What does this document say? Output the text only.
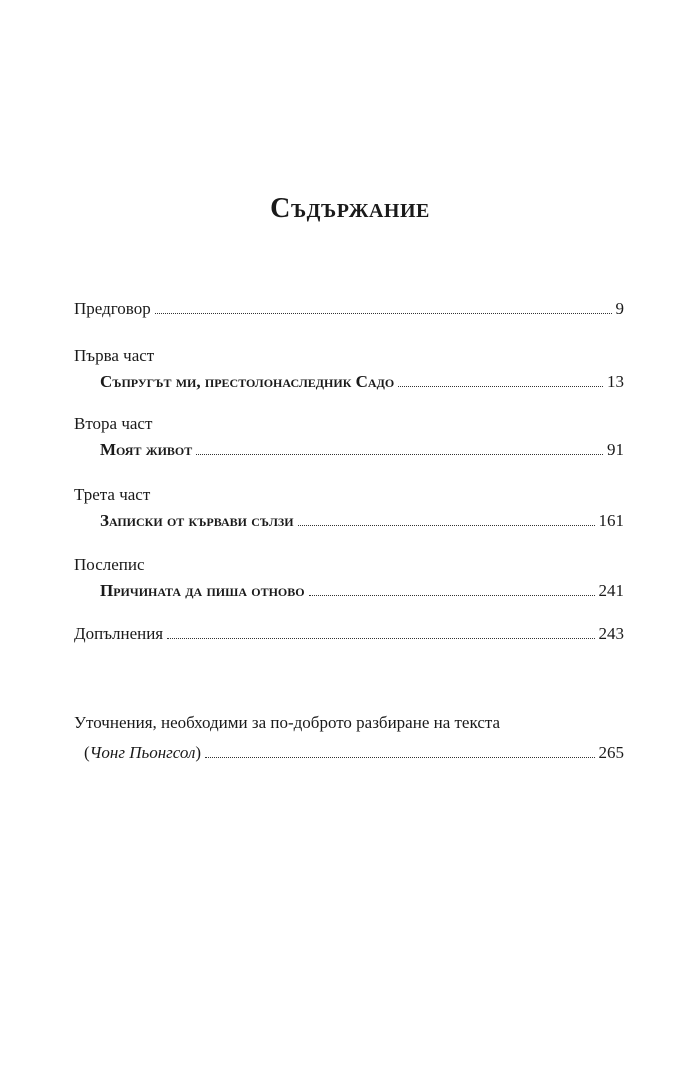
Съдържание
Предговор	9
Първа част
Съпругът ми, престолонаследник Садо	13
Втора част
Моят живот	91
Трета част
Записки от кървави сълзи	161
Послепис
Причината да пиша отново	241
Допълнения	243
Уточнения, необходими за по-доброто разбиране на текста
(Чонг Пьонгсол)	265
